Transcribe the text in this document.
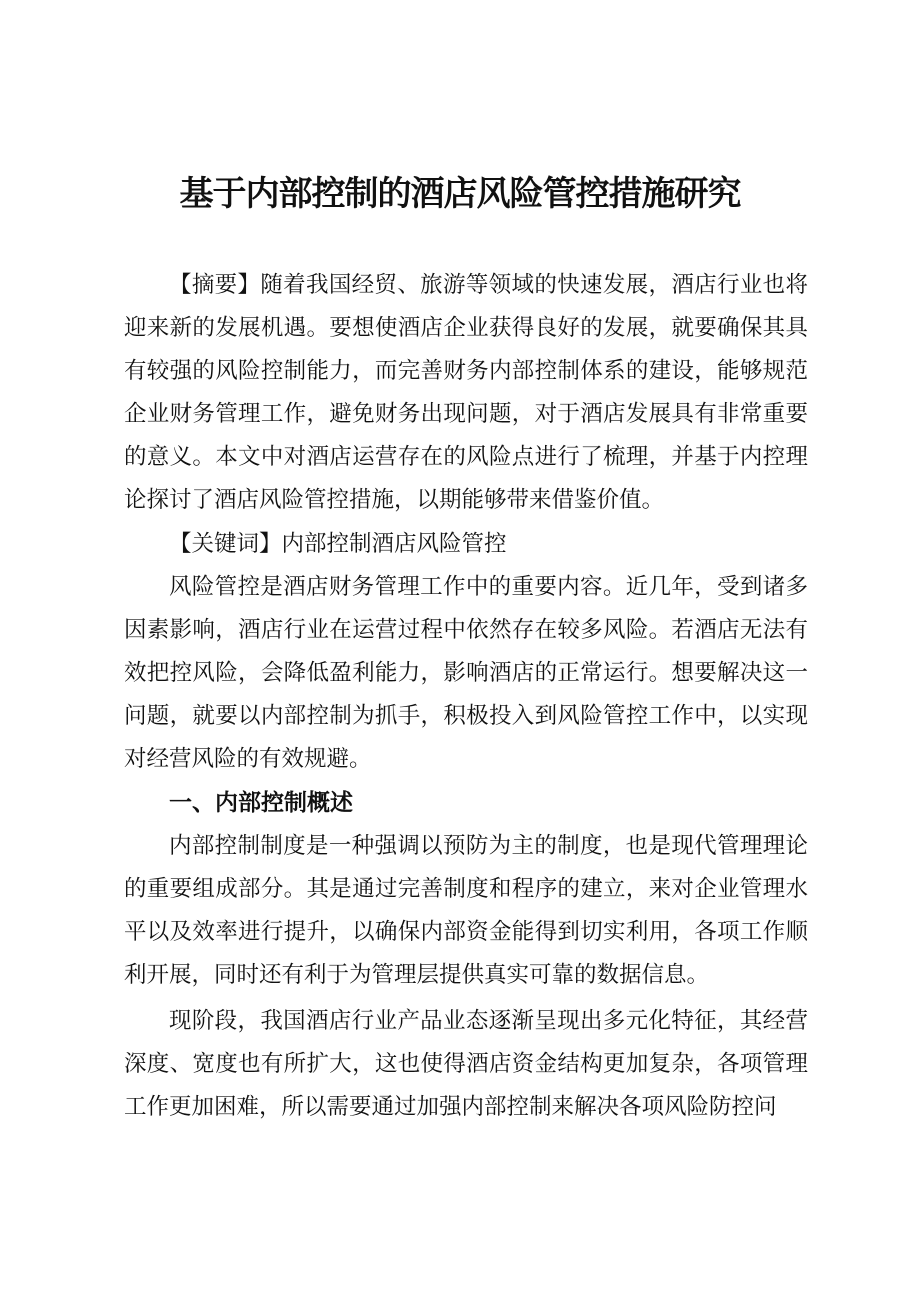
基于内部控制的酒店风险管控措施研究

【摘要】随着我国经贸、旅游等领域的快速发展，酒店行业也将迎来新的发展机遇。要想使酒店企业获得良好的发展，就要确保其具有较强的风险控制能力，而完善财务内部控制体系的建设，能够规范企业财务管理工作，避免财务出现问题，对于酒店发展具有非常重要的意义。本文中对酒店运营存在的风险点进行了梳理，并基于内控理论探讨了酒店风险管控措施，以期能够带来借鉴价值。

【关键词】内部控制酒店风险管控

风险管控是酒店财务管理工作中的重要内容。近几年，受到诸多因素影响，酒店行业在运营过程中依然存在较多风险。若酒店无法有效把控风险，会降低盈利能力，影响酒店的正常运行。想要解决这一问题，就要以内部控制为抓手，积极投入到风险管控工作中，以实现对经营风险的有效规避。

一、内部控制概述

内部控制制度是一种强调以预防为主的制度，也是现代管理理论的重要组成部分。其是通过完善制度和程序的建立，来对企业管理水平以及效率进行提升，以确保内部资金能得到切实利用，各项工作顺利开展，同时还有利于为管理层提供真实可靠的数据信息。

现阶段，我国酒店行业产品业态逐渐呈现出多元化特征，其经营深度、宽度也有所扩大，这也使得酒店资金结构更加复杂，各项管理工作更加困难，所以需要通过加强内部控制来解决各项风险防控问
